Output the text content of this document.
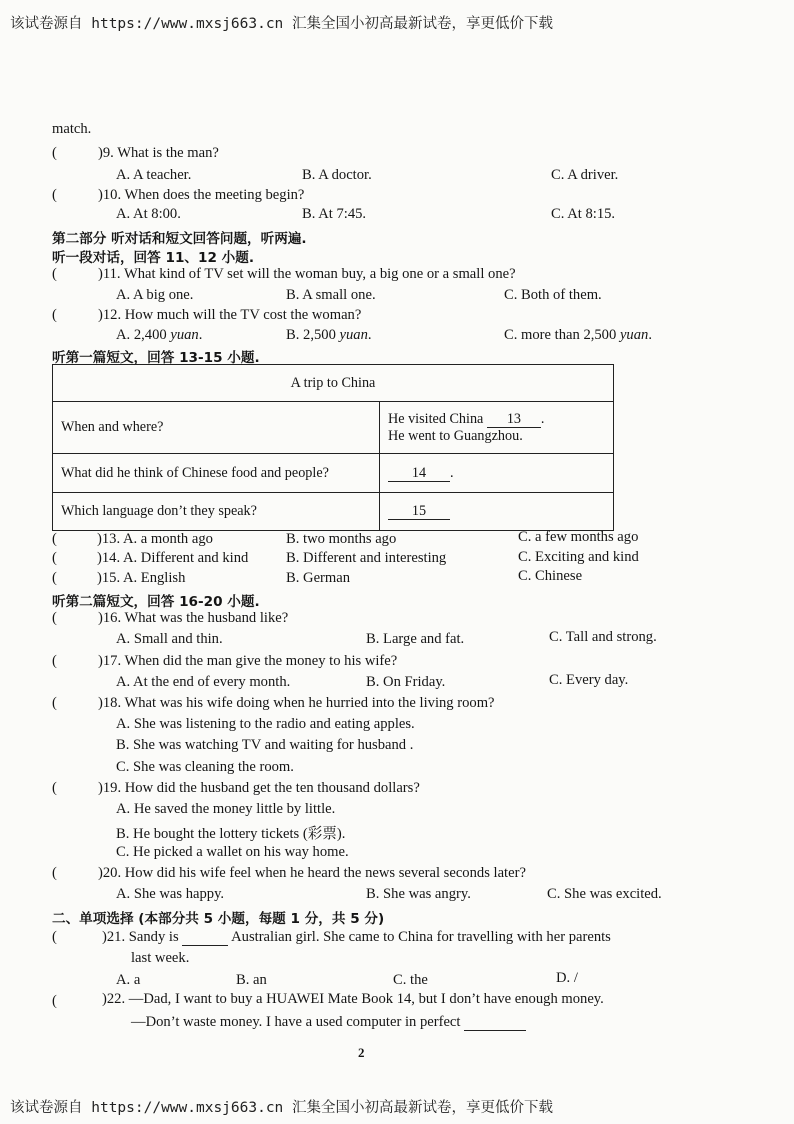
该试卷源自 https://www.mxsj663.cn 汇集全国小初高最新试卷，享更低价下载
match.
(	)9. What is the man?
A. A teacher.	B. A doctor.	C. A driver.
(	)10. When does the meeting begin?
A. At 8:00.	B. At 7:45.	C. At 8:15.
第二部分 听对话和短文回答问题，听两遍.
听一段对话，回答 11、12 小题.
(	)11. What kind of TV set will the woman buy, a big one or a small one?
A. A big one.	B. A small one.	C. Both of them.
(	)12. How much will the TV cost the woman?
A. 2,400 yuan.	B. 2,500 yuan.	C. more than 2,500 yuan.
听第一篇短文，回答 13-15 小题.
A trip to China	
When and where?	He visited China 13 .
He went to Guangzhou.

What did he think of Chinese food and people?	14 .
Which language don’t they speak?	15
(	)13. A. a month ago	B. two months ago	C. a few months ago
(	)14. A. Different and kind	B. Different and interesting	C. Exciting and kind
(	)15. A. English	B. German	C. Chinese
听第二篇短文，回答 16-20 小题.
(	)16. What was the husband like?
A. Small and thin.	B. Large and fat.	C. Tall and strong.
(	)17. When did the man give the money to his wife?
A. At the end of every month.	B. On Friday.	C. Every day.
(	)18. What was his wife doing when he hurried into the living room?
A. She was listening to the radio and eating apples.
B. She was watching TV and waiting for husband .
C. She was cleaning the room.
(	)19. How did the husband get the ten thousand dollars?
A. He saved the money little by little.
B. He bought the lottery tickets (彩票).
C. He picked a wallet on his way home.
(	)20. How did his wife feel when he heard the news several seconds later?
A. She was happy.	B. She was angry.	C. She was excited.
二、单项选择 (本部分共 5 小题，每题 1 分，共 5 分)
(	)21. Sandy is	Australian girl. She came to China for travelling with her parents
last week.
A. a	B. an	C. the	D. /
(	)22. —Dad, I want to buy a HUAWEI Mate Book 14, but I don’t have enough money.
—Don’t waste money. I have a used computer in perfect
2
该试卷源自 https://www.mxsj663.cn 汇集全国小初高最新试卷，享更低价下载
